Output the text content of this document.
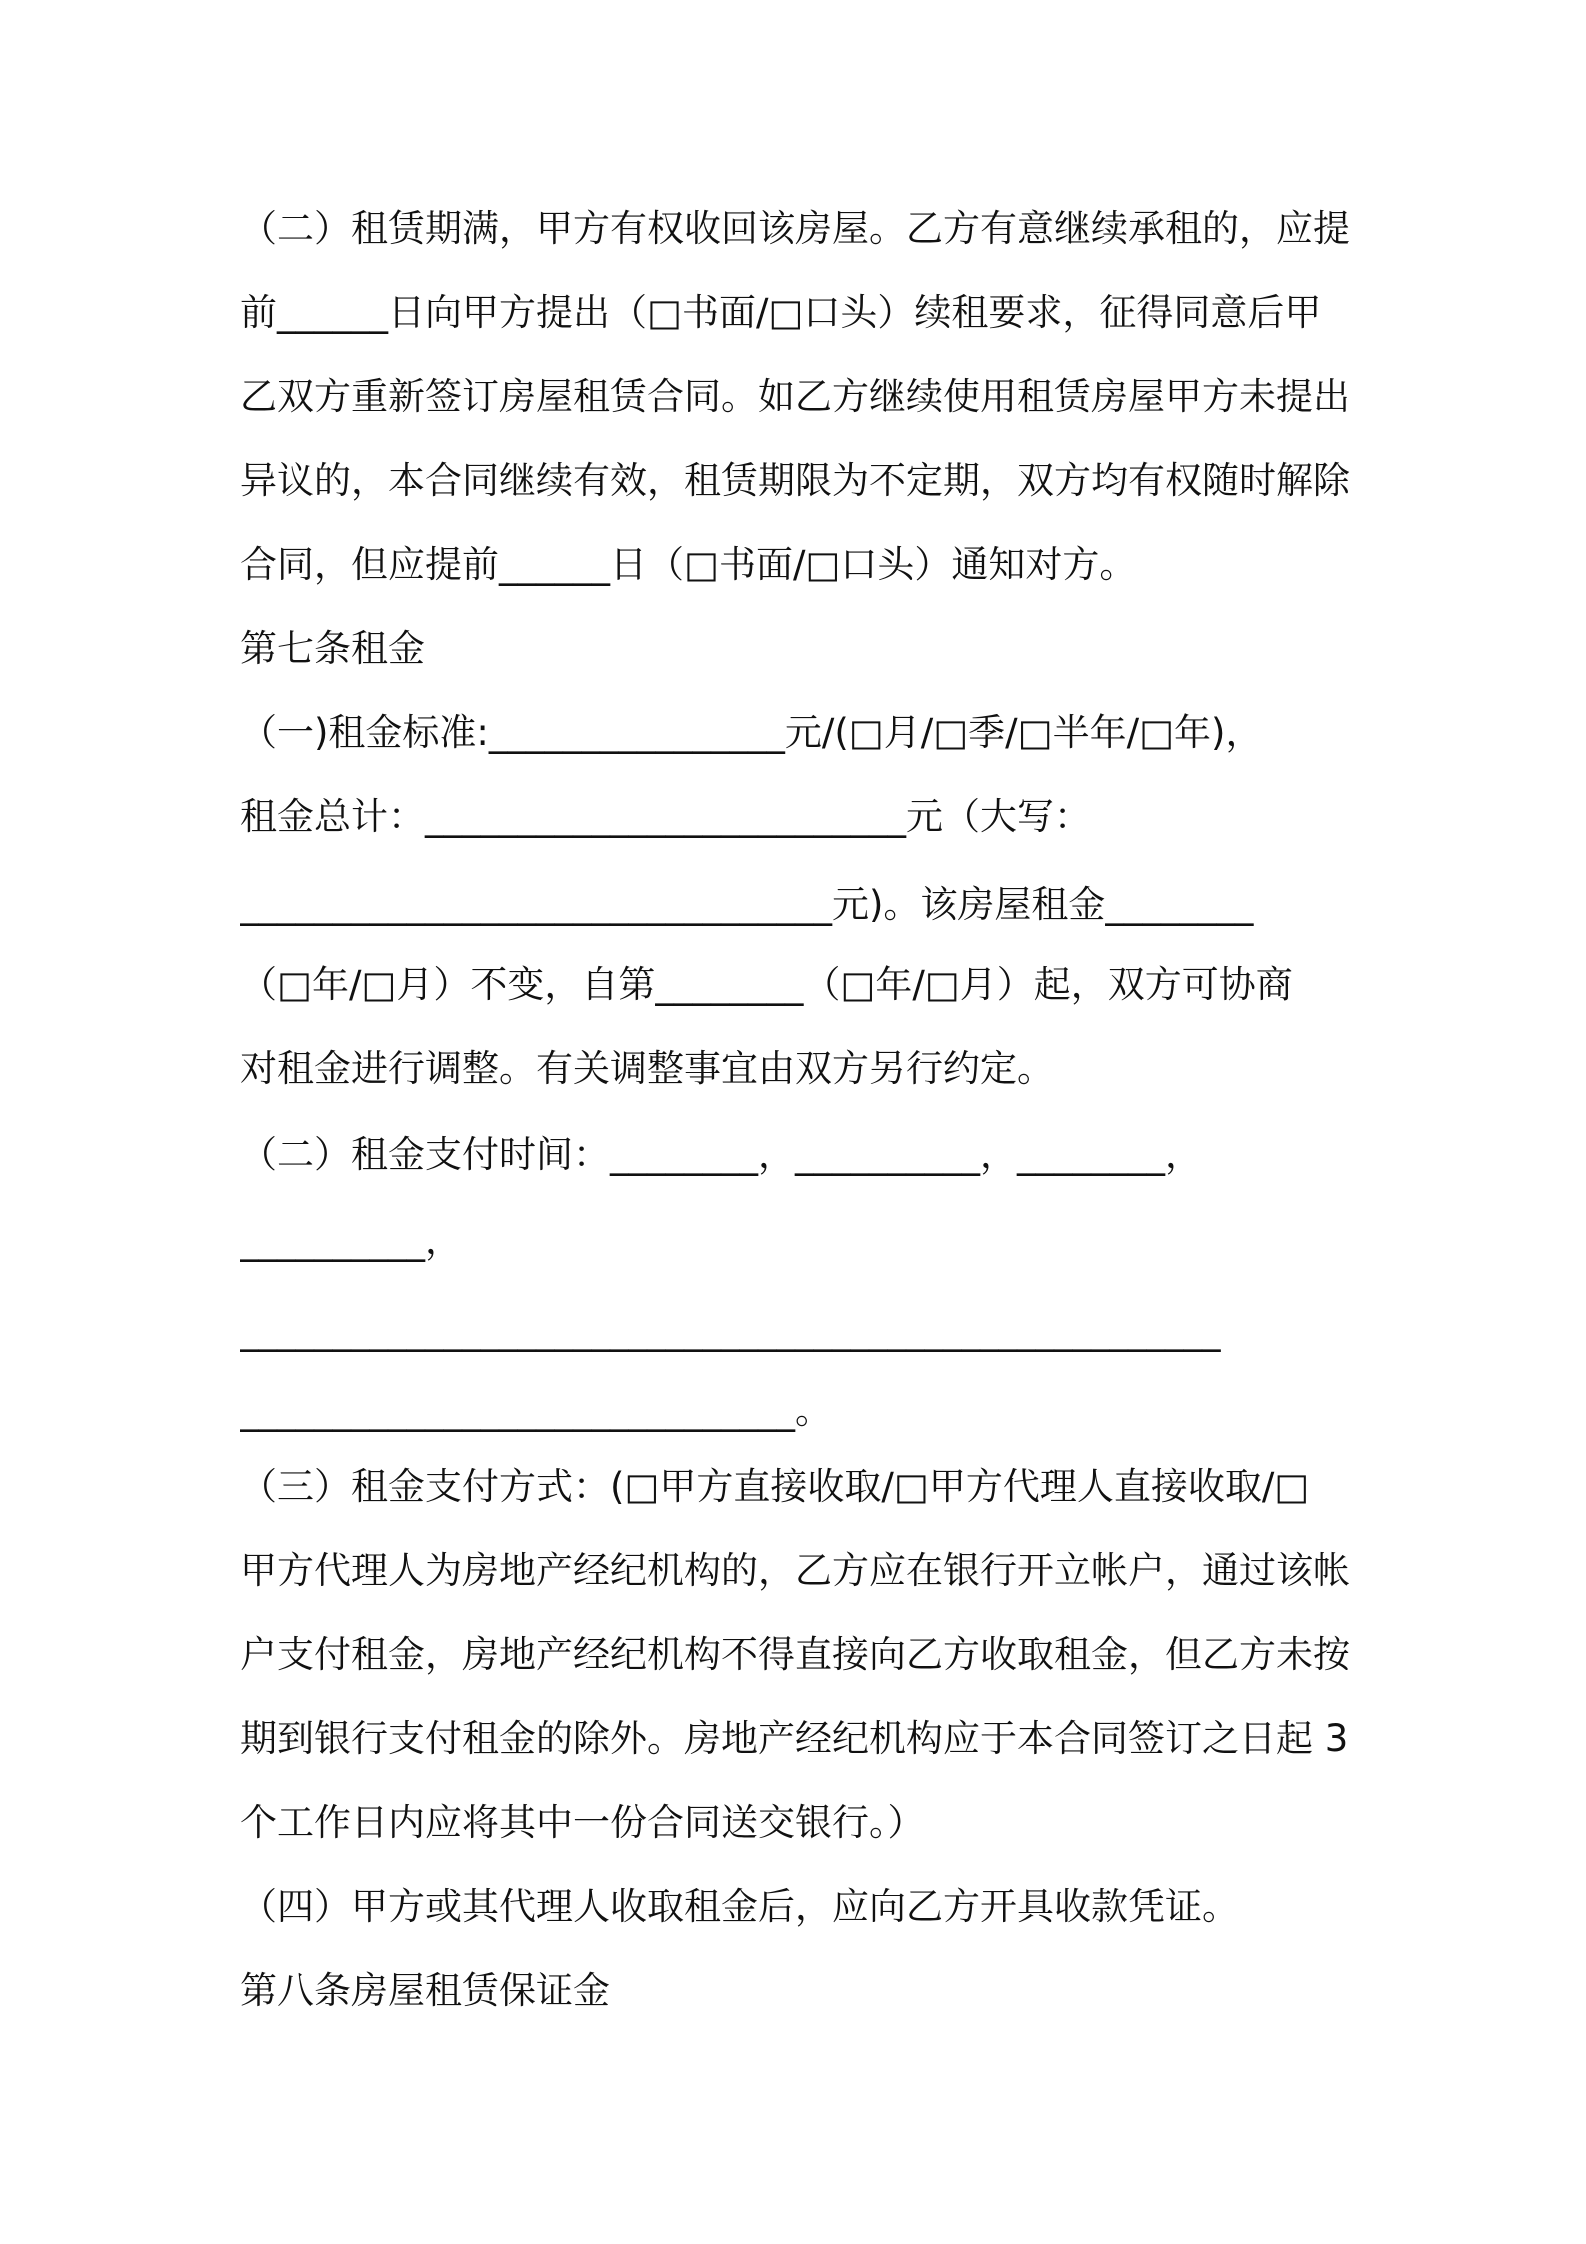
（二）租赁期满，甲方有权收回该房屋。乙方有意继续承租的，应提
前______日向甲方提出（□书面/□口头）续租要求，征得同意后甲
乙双方重新签订房屋租赁合同。如乙方继续使用租赁房屋甲方未提出
异议的，本合同继续有效，租赁期限为不定期，双方均有权随时解除
合同，但应提前______日（□书面/□口头）通知对方。
第七条租金
（一)租金标准:________________元/(□月/□季/□半年/□年)，
租金总计：__________________________元（大写：
________________________________元)。该房屋租金________
（□年/□月）不变，自第________（□年/□月）起，双方可协商
对租金进行调整。有关调整事宜由双方另行约定。
（二）租金支付时间：________，__________，________，
__________，
_____________________________________________________
______________________________。
（三）租金支付方式：(□甲方直接收取/□甲方代理人直接收取/□
甲方代理人为房地产经纪机构的，乙方应在银行开立帐户，通过该帐
户支付租金，房地产经纪机构不得直接向乙方收取租金，但乙方未按
期到银行支付租金的除外。房地产经纪机构应于本合同签订之日起 3
个工作日内应将其中一份合同送交银行。）
（四）甲方或其代理人收取租金后，应向乙方开具收款凭证。
第八条房屋租赁保证金
